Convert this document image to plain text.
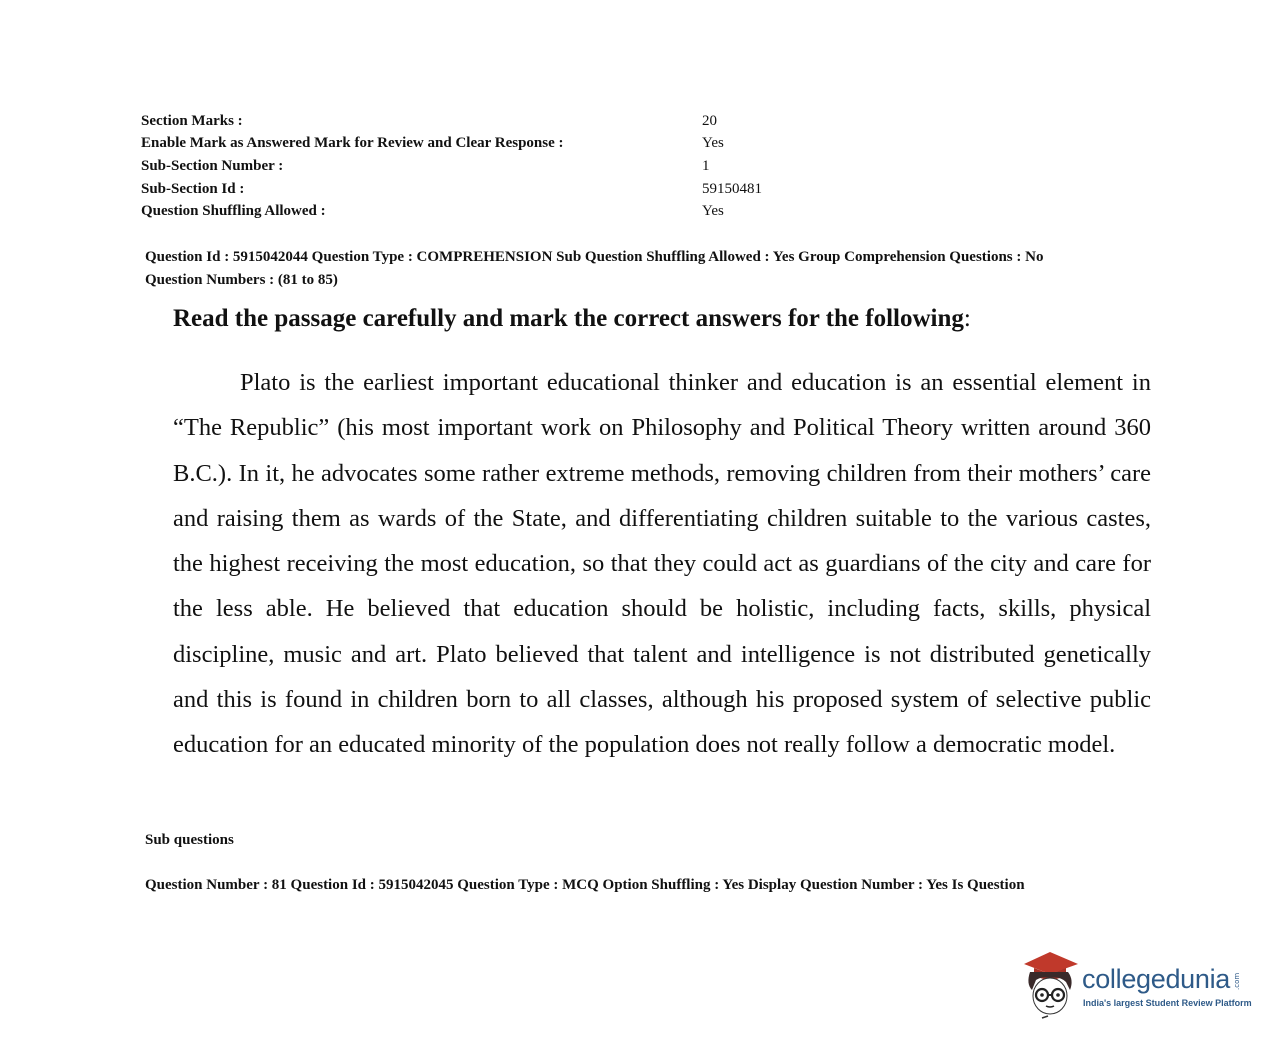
Section Marks :	20
Enable Mark as Answered Mark for Review and Clear Response :	Yes
Sub-Section Number :	1
Sub-Section Id :	59150481
Question Shuffling Allowed :	Yes
Question Id : 5915042044 Question Type : COMPREHENSION Sub Question Shuffling Allowed : Yes Group Comprehension Questions : No
Question Numbers : (81 to 85)
Read the passage carefully and mark the correct answers for the following:

Plato is the earliest important educational thinker and education is an essential element in “The Republic” (his most important work on Philosophy and Political Theory written around 360 B.C.). In it, he advocates some rather extreme methods, removing children from their mothers’ care and raising them as wards of the State, and differentiating children suitable to the various castes, the highest receiving the most education, so that they could act as guardians of the city and care for the less able. He believed that education should be holistic, including facts, skills, physical discipline, music and art. Plato believed that talent and intelligence is not distributed genetically and this is found in children born to all classes, although his proposed system of selective public education for an educated minority of the population does not really follow a democratic model.

Sub questions
Question Number : 81 Question Id : 5915042045 Question Type : MCQ Option Shuffling : Yes Display Question Number : Yes Is Question
collegedunia .com
India's largest Student Review Platform
